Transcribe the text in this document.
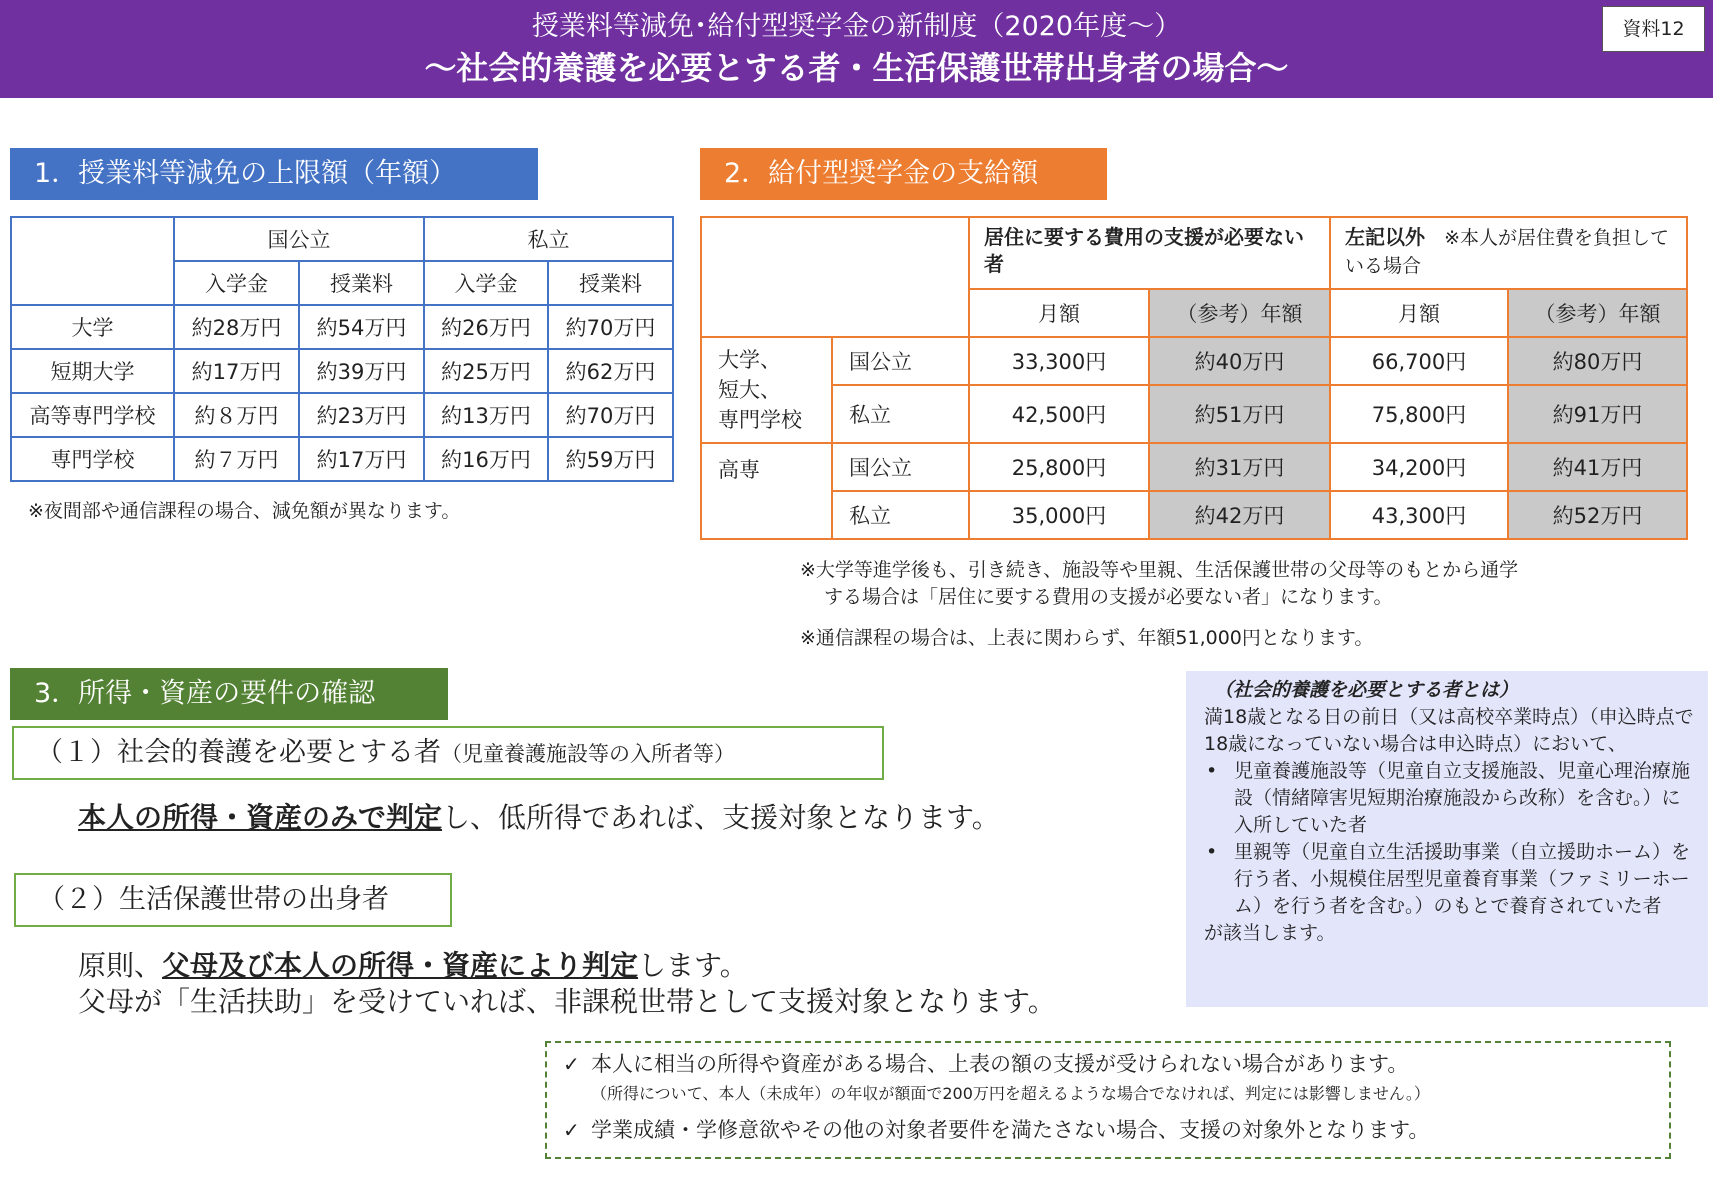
授業料等減免･給付型奨学金の新制度（2020年度～）
～社会的養護を必要とする者・生活保護世帯出身者の場合～
資料12
1．授業料等減免の上限額（年額）
	国公立		私立	
	入学金	授業料	入学金	授業料
大学	約28万円	約54万円	約26万円	約70万円
短期大学	約17万円	約39万円	約25万円	約62万円
高等専門学校	約８万円	約23万円	約13万円	約70万円
専門学校	約７万円	約17万円	約16万円	約59万円
※夜間部や通信課程の場合、減免額が異なります。
2．給付型奨学金の支給額
		居住に要する費用の支援が必要ない者		左記以外 ※本人が居住費を負担している場合	
		月額	（参考）年額	月額	（参考）年額
大学、
短大、
専門学校	国公立	33,300円	約40万円	66,700円	約80万円
	私立	42,500円	約51万円	75,800円	約91万円
高専	国公立	25,800円	約31万円	34,200円	約41万円
	私立	35,000円	約42万円	43,300円	約52万円
※大学等進学後も、引き続き、施設等や里親、生活保護世帯の父母等のもとから通学
する場合は「居住に要する費用の支援が必要ない者」になります。
※通信課程の場合は、上表に関わらず、年額51,000円となります。
3．所得・資産の要件の確認
（１）社会的養護を必要とする者（児童養護施設等の入所者等）
本人の所得・資産のみで判定し、低所得であれば、支援対象となります。
（２）生活保護世帯の出身者
原則、父母及び本人の所得・資産により判定します。
父母が「生活扶助」を受けていれば、非課税世帯として支援対象となります。
（社会的養護を必要とする者とは）
満18歳となる日の前日（又は高校卒業時点）（申込時点で18歳になっていない場合は申込時点）において、
• 児童養護施設等（児童自立支援施設、児童心理治療施設（情緒障害児短期治療施設から改称）を含む。）に入所していた者
• 里親等（児童自立生活援助事業（自立援助ホーム）を行う者、小規模住居型児童養育事業（ファミリーホーム）を行う者を含む。）のもとで養育されていた者
が該当します。
✓ 本人に相当の所得や資産がある場合、上表の額の支援が受けられない場合があります。
（所得について、本人（未成年）の年収が額面で200万円を超えるような場合でなければ、判定には影響しません。）
✓ 学業成績・学修意欲やその他の対象者要件を満たさない場合、支援の対象外となります。
